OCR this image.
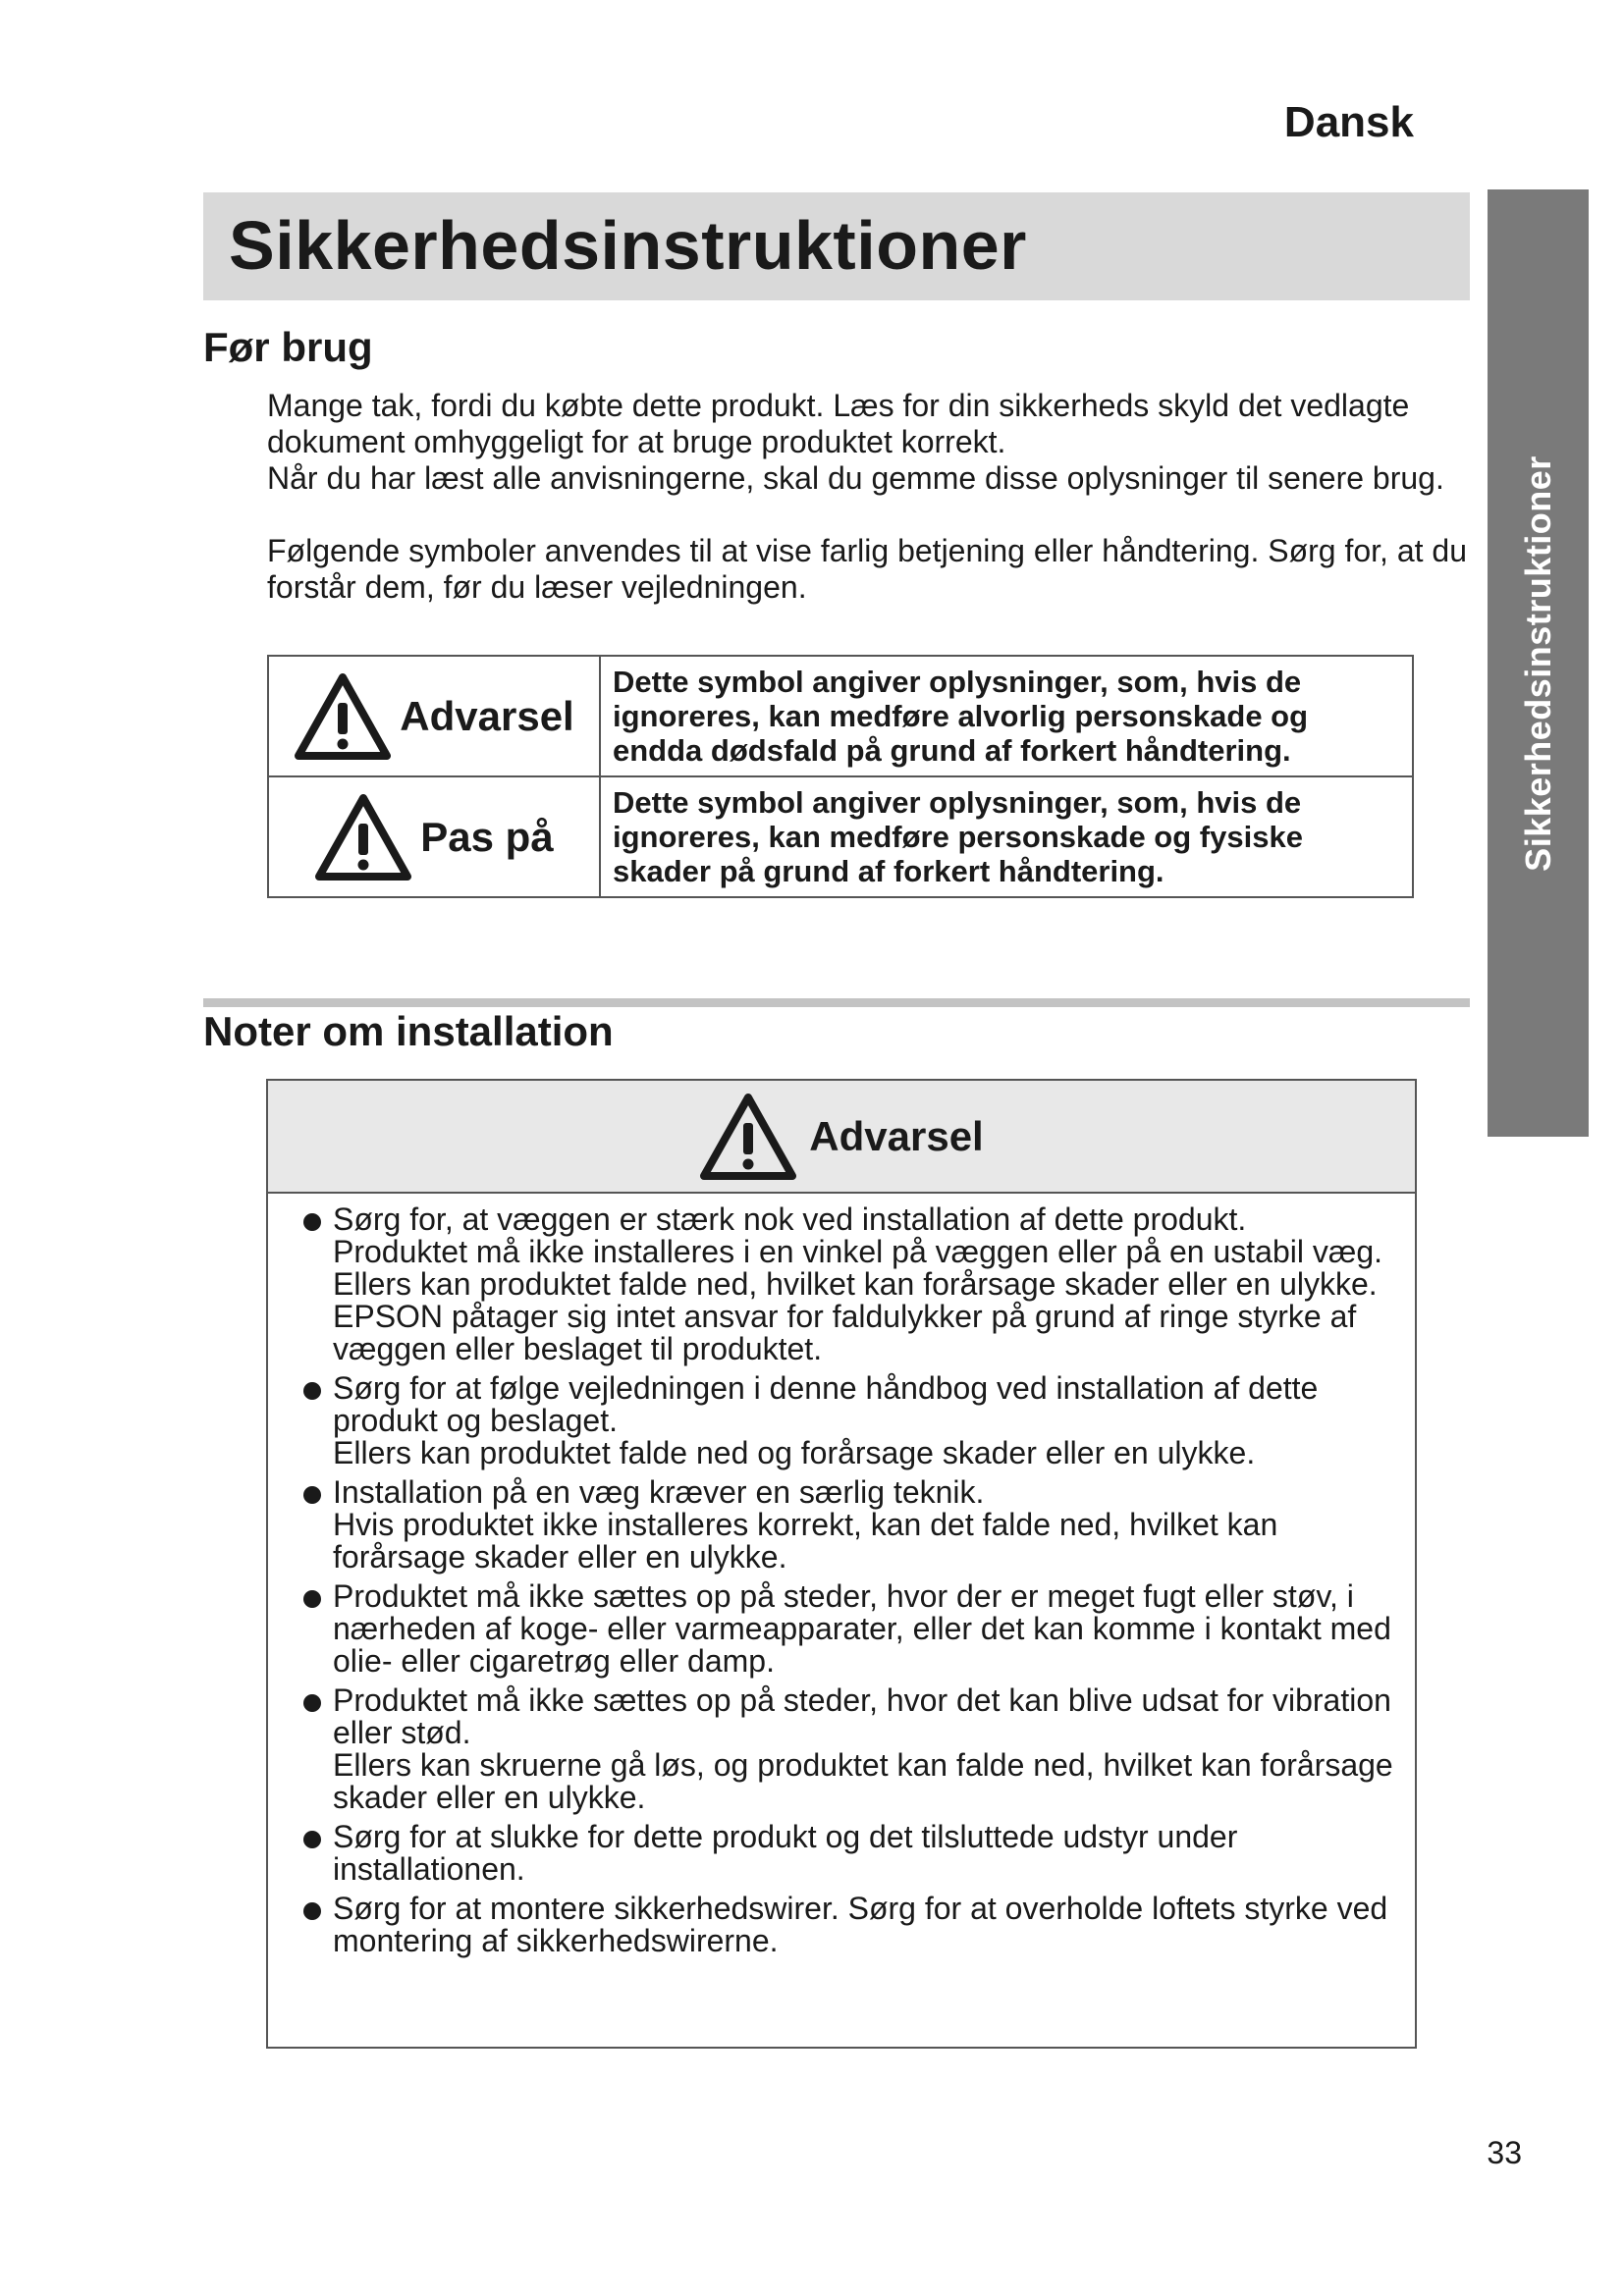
Dansk
Sikkerhedsinstruktioner
Sikkerhedsinstruktioner
Før brug

Mange tak, fordi du købte dette produkt. Læs for din sikkerheds skyld det vedlagte dokument omhyggeligt for at bruge produktet korrekt.

Når du har læst alle anvisningerne, skal du gemme disse oplysninger til senere brug.

Følgende symboler anvendes til at vise farlig betjening eller håndtering. Sørg for, at du forstår dem, før du læser vejledningen.

Advarsel	Dette symbol angiver oplysninger, som, hvis de ignoreres, kan medføre alvorlig personskade og endda dødsfald på grund af forkert håndtering.

Pas på	Dette symbol angiver oplysninger, som, hvis de ignoreres, kan medføre personskade og fysiske skader på grund af forkert håndtering.
Noter om installation
Advarsel
Sørg for, at væggen er stærk nok ved installation af dette produkt.
Produktet må ikke installeres i en vinkel på væggen eller på en ustabil væg.
Ellers kan produktet falde ned, hvilket kan forårsage skader eller en ulykke.
EPSON påtager sig intet ansvar for faldulykker på grund af ringe styrke af væggen eller beslaget til produktet.
Sørg for at følge vejledningen i denne håndbog ved installation af dette produkt og beslaget.
Ellers kan produktet falde ned og forårsage skader eller en ulykke.
Installation på en væg kræver en særlig teknik.
Hvis produktet ikke installeres korrekt, kan det falde ned, hvilket kan forårsage skader eller en ulykke.
Produktet må ikke sættes op på steder, hvor der er meget fugt eller støv, i nærheden af koge- eller varmeapparater, eller det kan komme i kontakt med olie- eller cigaretrøg eller damp.
Produktet må ikke sættes op på steder, hvor det kan blive udsat for vibration eller stød.
Ellers kan skruerne gå løs, og produktet kan falde ned, hvilket kan forårsage skader eller en ulykke.
Sørg for at slukke for dette produkt og det tilsluttede udstyr under installationen.
Sørg for at montere sikkerhedswirer. Sørg for at overholde loftets styrke ved montering af sikkerhedswirerne.
33
